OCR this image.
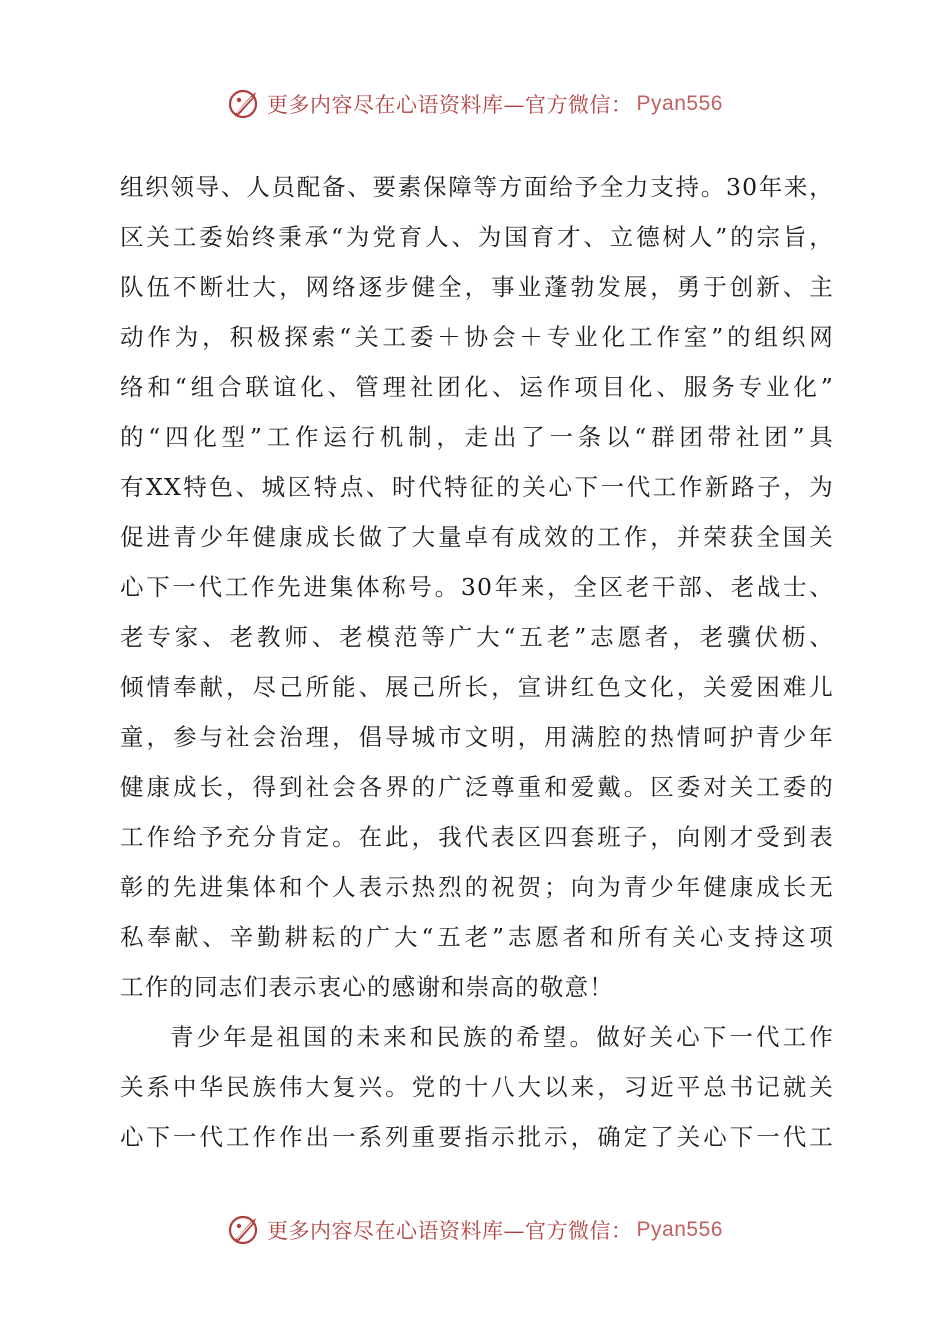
更多内容尽在心语资料库—官方微信： Pyan556
组织领导、人员配备、要素保障等方面给予全力支持。30年来，
区关工委始终秉承“为党育人、为国育才、立德树人”的宗旨，
队伍不断壮大，网络逐步健全，事业蓬勃发展，勇于创新、主
动作为，积极探索“关工委＋协会＋专业化工作室”的组织网
络和“组合联谊化、管理社团化、运作项目化、服务专业化”
的“四化型”工作运行机制，走出了一条以“群团带社团”具
有XX特色、城区特点、时代特征的关心下一代工作新路子，为
促进青少年健康成长做了大量卓有成效的工作，并荣获全国关
心下一代工作先进集体称号。30年来，全区老干部、老战士、
老专家、老教师、老模范等广大“五老”志愿者，老骥伏枥、
倾情奉献，尽己所能、展己所长，宣讲红色文化，关爱困难儿
童，参与社会治理，倡导城市文明，用满腔的热情呵护青少年
健康成长，得到社会各界的广泛尊重和爱戴。区委对关工委的
工作给予充分肯定。在此，我代表区四套班子，向刚才受到表
彰的先进集体和个人表示热烈的祝贺；向为青少年健康成长无
私奉献、辛勤耕耘的广大“五老”志愿者和所有关心支持这项
工作的同志们表示衷心的感谢和崇高的敬意！
青少年是祖国的未来和民族的希望。做好关心下一代工作
关系中华民族伟大复兴。党的十八大以来，习近平总书记就关
心下一代工作作出一系列重要指示批示，确定了关心下一代工
更多内容尽在心语资料库—官方微信： Pyan556
